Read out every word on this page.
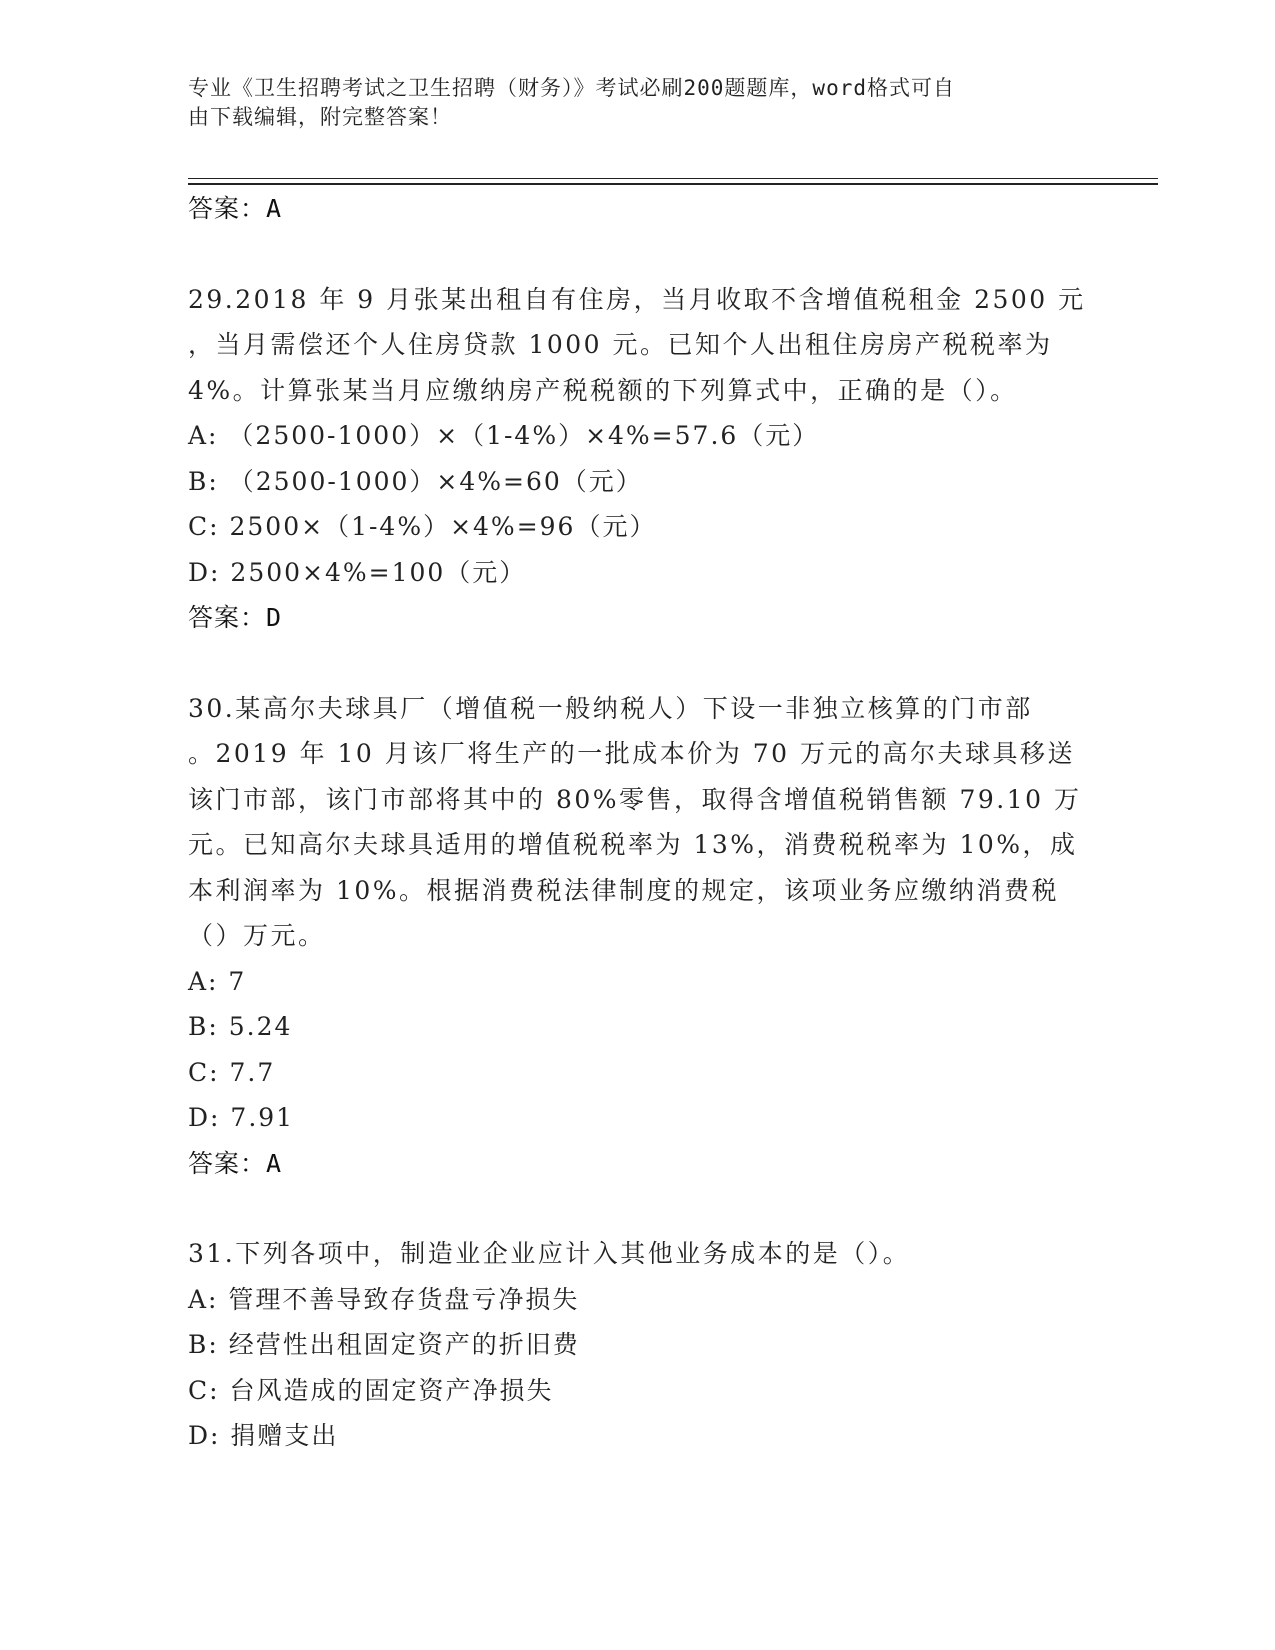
专业《卫生招聘考试之卫生招聘（财务）》考试必刷200题题库，word格式可自
由下载编辑，附完整答案！
答案：A
29.2018 年 9 月张某出租自有住房，当月收取不含增值税租金 2500 元
，当月需偿还个人住房贷款 1000 元。已知个人出租住房房产税税率为
4%。计算张某当月应缴纳房产税税额的下列算式中，正确的是（）。
A: （2500-1000）×（1-4%）×4%=57.6（元）
B: （2500-1000）×4%=60（元）
C: 2500×（1-4%）×4%=96（元）
D: 2500×4%=100（元）
答案：D
30.某高尔夫球具厂（增值税一般纳税人）下设一非独立核算的门市部
。2019 年 10 月该厂将生产的一批成本价为 70 万元的高尔夫球具移送
该门市部，该门市部将其中的 80%零售，取得含增值税销售额 79.10 万
元。已知高尔夫球具适用的增值税税率为 13%，消费税税率为 10%，成
本利润率为 10%。根据消费税法律制度的规定，该项业务应缴纳消费税
（）万元。
A: 7
B: 5.24
C: 7.7
D: 7.91
答案：A
31.下列各项中，制造业企业应计入其他业务成本的是（）。
A: 管理不善导致存货盘亏净损失
B: 经营性出租固定资产的折旧费
C: 台风造成的固定资产净损失
D: 捐赠支出
